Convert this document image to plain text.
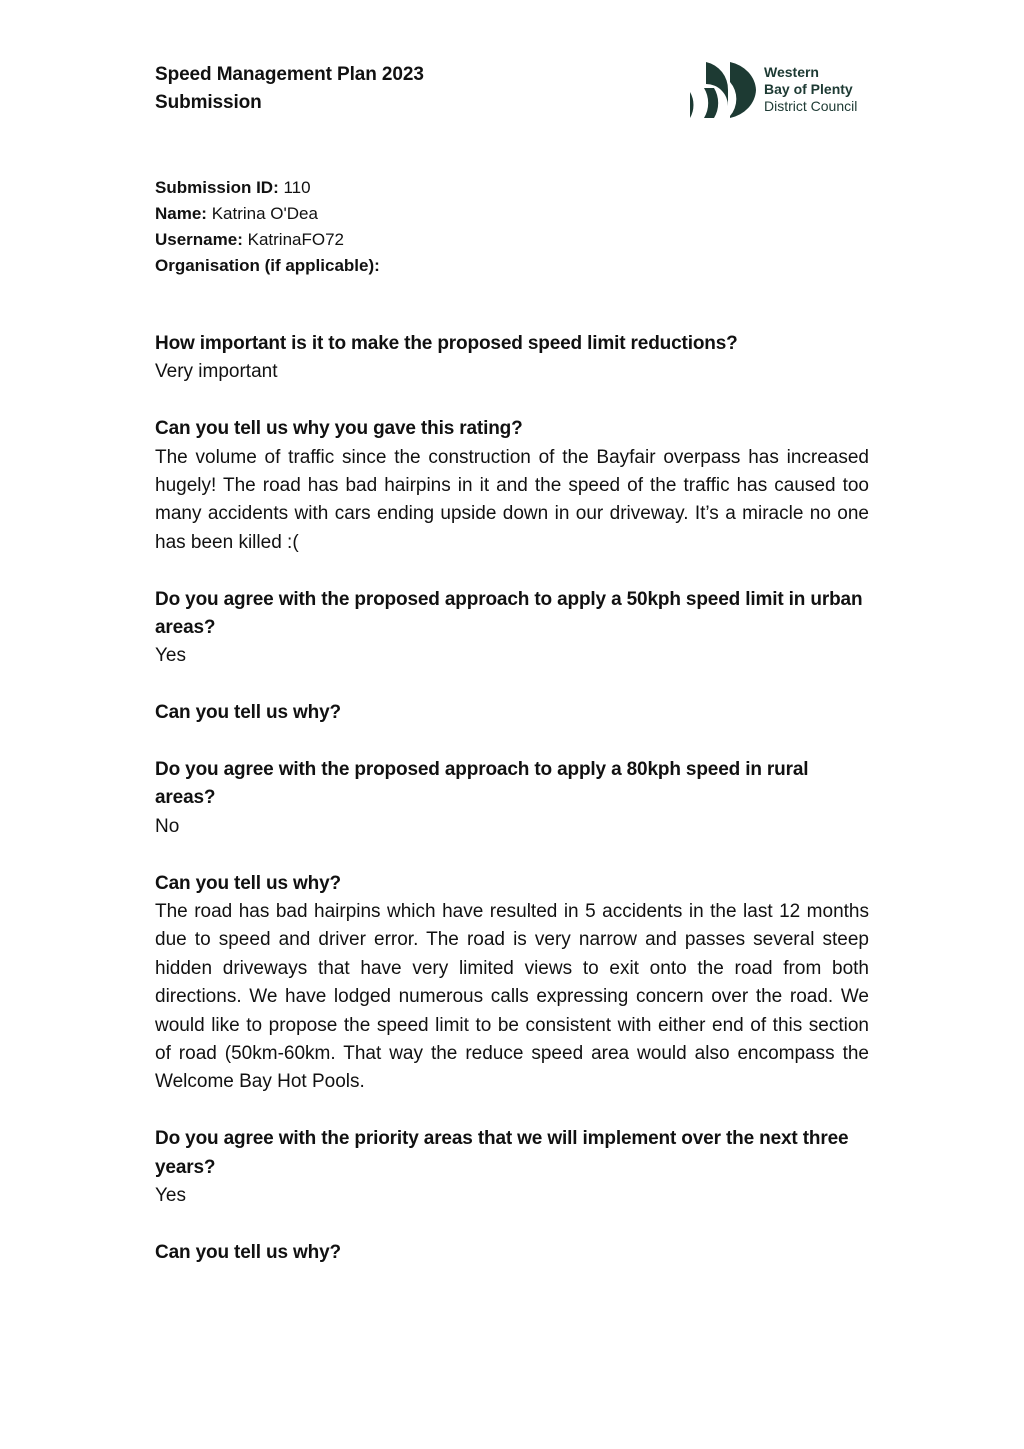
Speed Management Plan 2023
Submission
Western
Bay of Plenty
District Council
Submission ID: 110
Name: Katrina O'Dea
Username: KatrinaFO72
Organisation (if applicable):

How important is it to make the proposed speed limit reductions?

Very important

Can you tell us why you gave this rating?

The volume of traffic since the construction of the Bayfair overpass has increased hugely! The road has bad hairpins in it and the speed of the traffic has caused too many accidents with cars ending upside down in our driveway. It’s a miracle no one has been killed :(

Do you agree with the proposed approach to apply a 50kph speed limit in urban areas?

Yes

Can you tell us why?

Do you agree with the proposed approach to apply a 80kph speed in rural areas?

No

Can you tell us why?

The road has bad hairpins which have resulted in 5 accidents in the last 12 months due to speed and driver error. The road is very narrow and passes several steep hidden driveways that have very limited views to exit onto the road from both directions. We have lodged numerous calls expressing concern over the road. We would like to propose the speed limit to be consistent with either end of this section of road (50km-60km. That way the reduce speed area would also encompass the Welcome Bay Hot Pools.

Do you agree with the priority areas that we will implement over the next three years?

Yes

Can you tell us why?
